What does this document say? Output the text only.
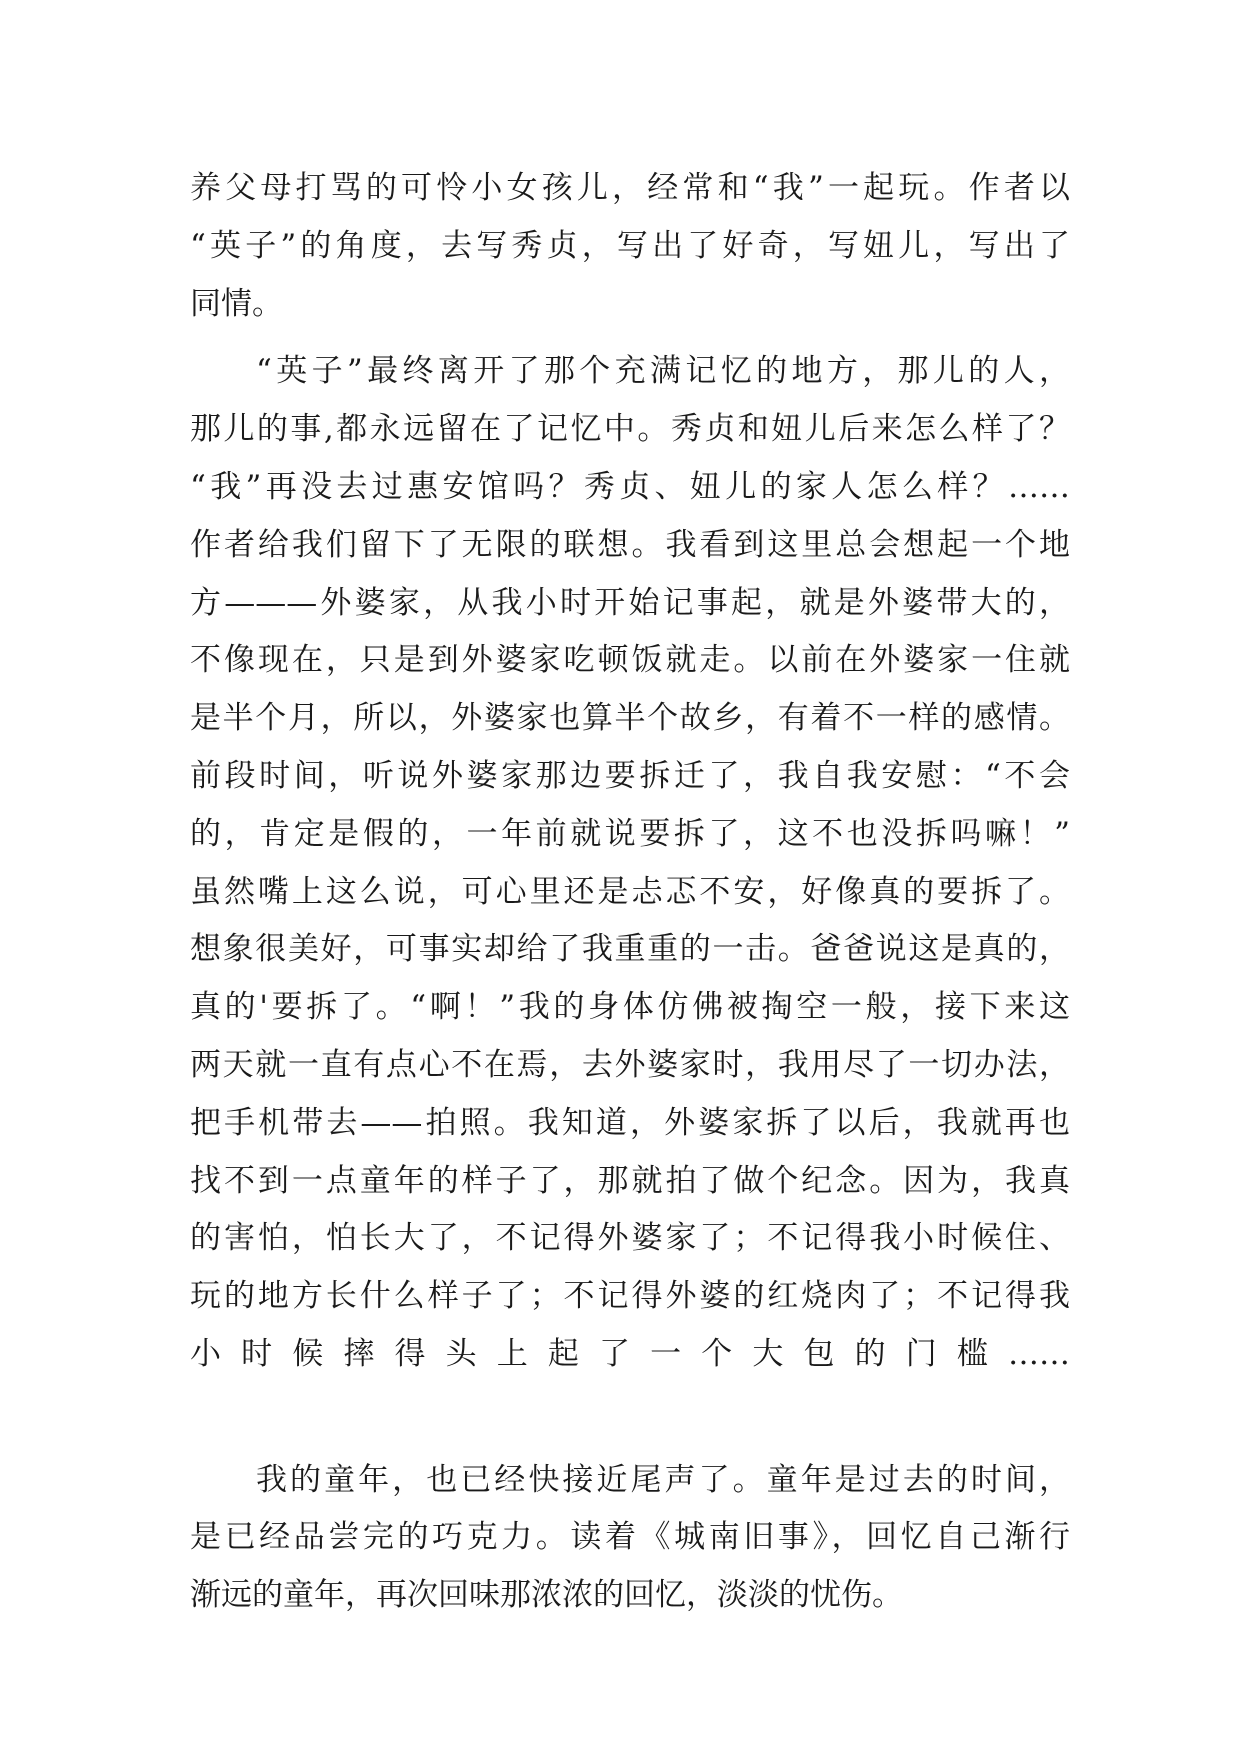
养父母打骂的可怜小女孩儿，经常和“我”一起玩。作者以
“英子”的角度，去写秀贞，写出了好奇，写妞儿，写出了
同情。
“英子”最终离开了那个充满记忆的地方，那儿的人，
那儿的事,都永远留在了记忆中。秀贞和妞儿后来怎么样了？
“我”再没去过惠安馆吗？秀贞、妞儿的家人怎么样？……
作者给我们留下了无限的联想。我看到这里总会想起一个地
方———外婆家，从我小时开始记事起，就是外婆带大的，
不像现在，只是到外婆家吃顿饭就走。以前在外婆家一住就
是半个月，所以，外婆家也算半个故乡，有着不一样的感情。
前段时间，听说外婆家那边要拆迁了，我自我安慰：“不会
的，肯定是假的，一年前就说要拆了，这不也没拆吗嘛！”
虽然嘴上这么说，可心里还是忐忑不安，好像真的要拆了。
想象很美好，可事实却给了我重重的一击。爸爸说这是真的，
真的'要拆了。“啊！”我的身体仿佛被掏空一般，接下来这
两天就一直有点心不在焉，去外婆家时，我用尽了一切办法，
把手机带去——拍照。我知道，外婆家拆了以后，我就再也
找不到一点童年的样子了，那就拍了做个纪念。因为，我真
的害怕，怕长大了，不记得外婆家了；不记得我小时候住、
玩的地方长什么样子了；不记得外婆的红烧肉了；不记得我
小时候摔得头上起了一个大包的门槛……
我的童年，也已经快接近尾声了。童年是过去的时间，
是已经品尝完的巧克力。读着《城南旧事》，回忆自己渐行
渐远的童年，再次回味那浓浓的回忆，淡淡的忧伤。
